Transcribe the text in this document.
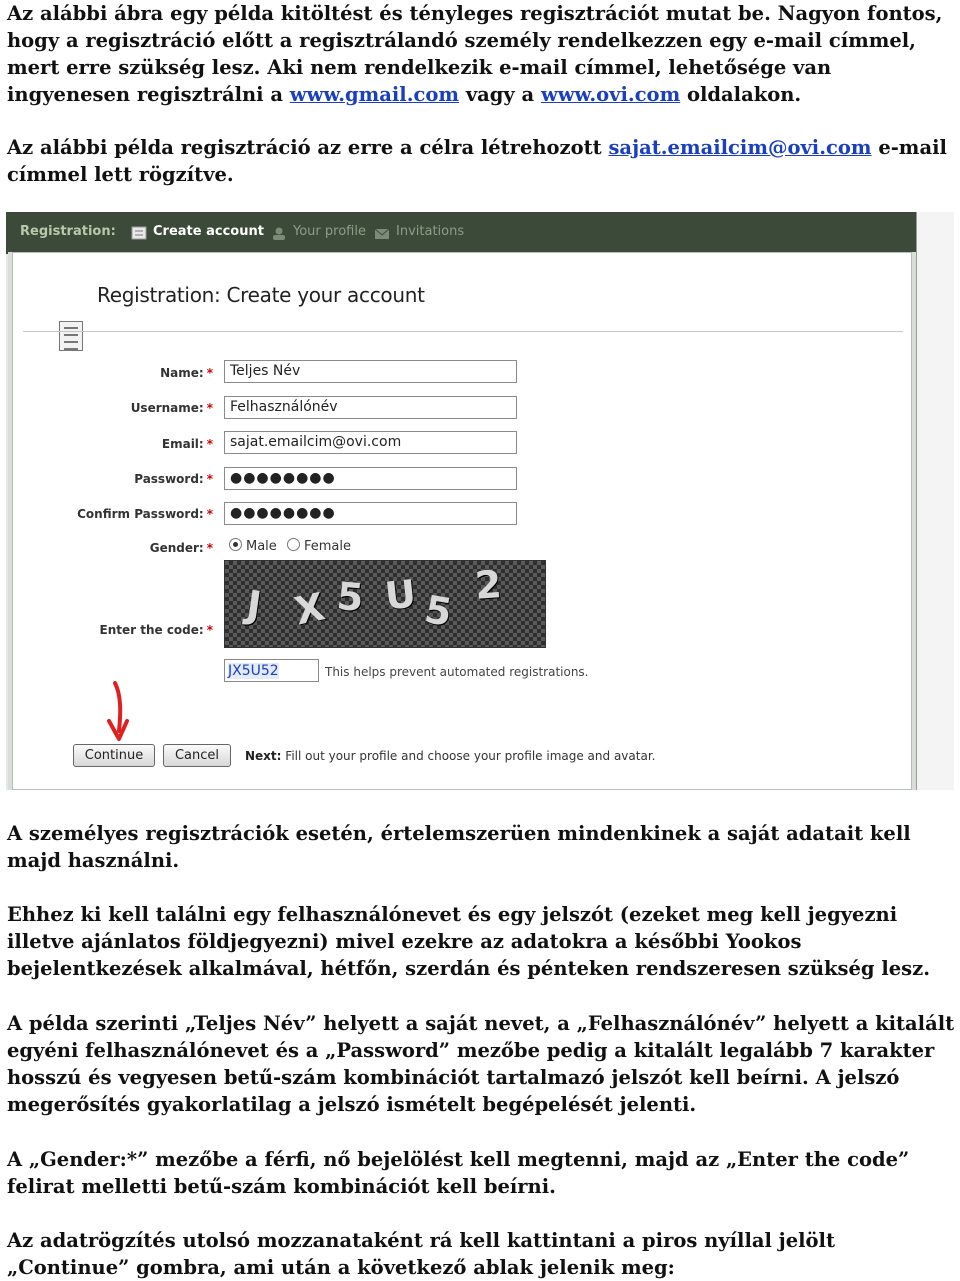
Az alábbi ábra egy példa kitöltést és tényleges regisztrációt mutat be. Nagyon fontos, hogy a regisztráció előtt a regisztrálandó személy rendelkezzen egy e-mail címmel, mert erre szükség lesz. Aki nem rendelkezik e-mail címmel, lehetősége van ingyenesen regisztrálni a www.gmail.com vagy a www.ovi.com oldalakon.

Az alábbi példa regisztráció az erre a célra létrehozott sajat.emailcim@ovi.com e-mail címmel lett rögzítve.

Registration:	Create account Your profile Invitations
Registration: Create your account
Name: *	Teljes Név
Username: *	Felhasználónév
Email: *	sajat.emailcim@ovi.com
Password: *	●●●●●●●●
Confirm Password: *	●●●●●●●●
Gender: *	Male	Female
Enter the code: *
J X 5 U 5
2
JX5U52	This helps prevent automated registrations.
Continue	Cancel	Next: Fill out your profile and choose your profile image and avatar.

A személyes regisztrációk esetén, értelemszerüen mindenkinek a saját adatait kell majd használni.

Ehhez ki kell találni egy felhasználónevet és egy jelszót (ezeket meg kell jegyezni illetve ajánlatos földjegyezni) mivel ezekre az adatokra a későbbi Yookos bejelentkezések alkalmával, hétfőn, szerdán és pénteken rendszeresen szükség lesz.

A példa szerinti „Teljes Név” helyett a saját nevet, a „Felhasználónév” helyett a kitalált egyéni felhasználónevet és a „Password” mezőbe pedig a kitalált legalább 7 karakter hosszú és vegyesen betű-szám kombinációt tartalmazó jelszót kell beírni. A jelszó megerősítés gyakorlatilag a jelszó ismételt begépelését jelenti.

A „Gender:*” mezőbe a férfi, nő bejelölést kell megtenni, majd az „Enter the code” felirat melletti betű-szám kombinációt kell beírni.

Az adatrögzítés utolsó mozzanataként rá kell kattintani a piros nyíllal jelölt „Continue” gombra, ami után a következő ablak jelenik meg:
